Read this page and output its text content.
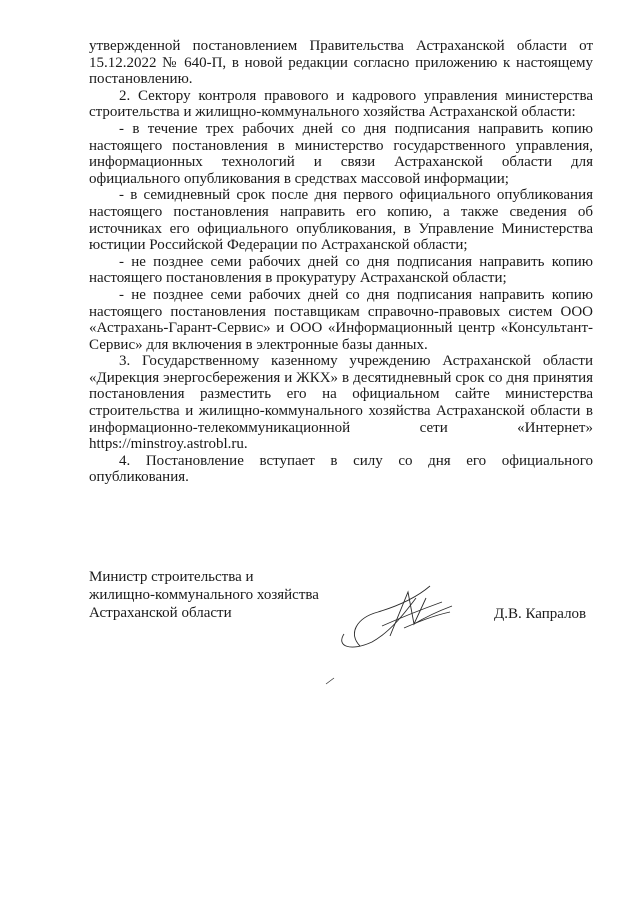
утвержденной постановлением Правительства Астраханской области от 15.12.2022 № 640-П, в новой редакции согласно приложению к настоящему постановлению.

2. Сектору контроля правового и кадрового управления министерства строительства и жилищно-коммунального хозяйства Астраханской области:

- в течение трех рабочих дней со дня подписания направить копию настоящего постановления в министерство государственного управления, информационных технологий и связи Астраханской области для официального опубликования в средствах массовой информации;

- в семидневный срок после дня первого официального опубликования настоящего постановления направить его копию, а также сведения об источниках его официального опубликования, в Управление Министерства юстиции Российской Федерации по Астраханской области;

- не позднее семи рабочих дней со дня подписания направить копию настоящего постановления в прокуратуру Астраханской области;

- не позднее семи рабочих дней со дня подписания направить копию настоящего постановления поставщикам справочно-правовых систем ООО «Астрахань-Гарант-Сервис» и ООО «Информационный центр «Консультант-Сервис» для включения в электронные базы данных.

3. Государственному казенному учреждению Астраханской области «Дирекция энергосбережения и ЖКХ» в десятидневный срок со дня принятия постановления разместить его на официальном сайте министерства строительства и жилищно-коммунального хозяйства Астраханской области в информационно-телекоммуникационной сети «Интернет» https://minstroy.astrobl.ru.

4. Постановление вступает в силу со дня его официального опубликования.

Министр строительства и
жилищно-коммунального хозяйства
Астраханской области	Д.В. Капралов
